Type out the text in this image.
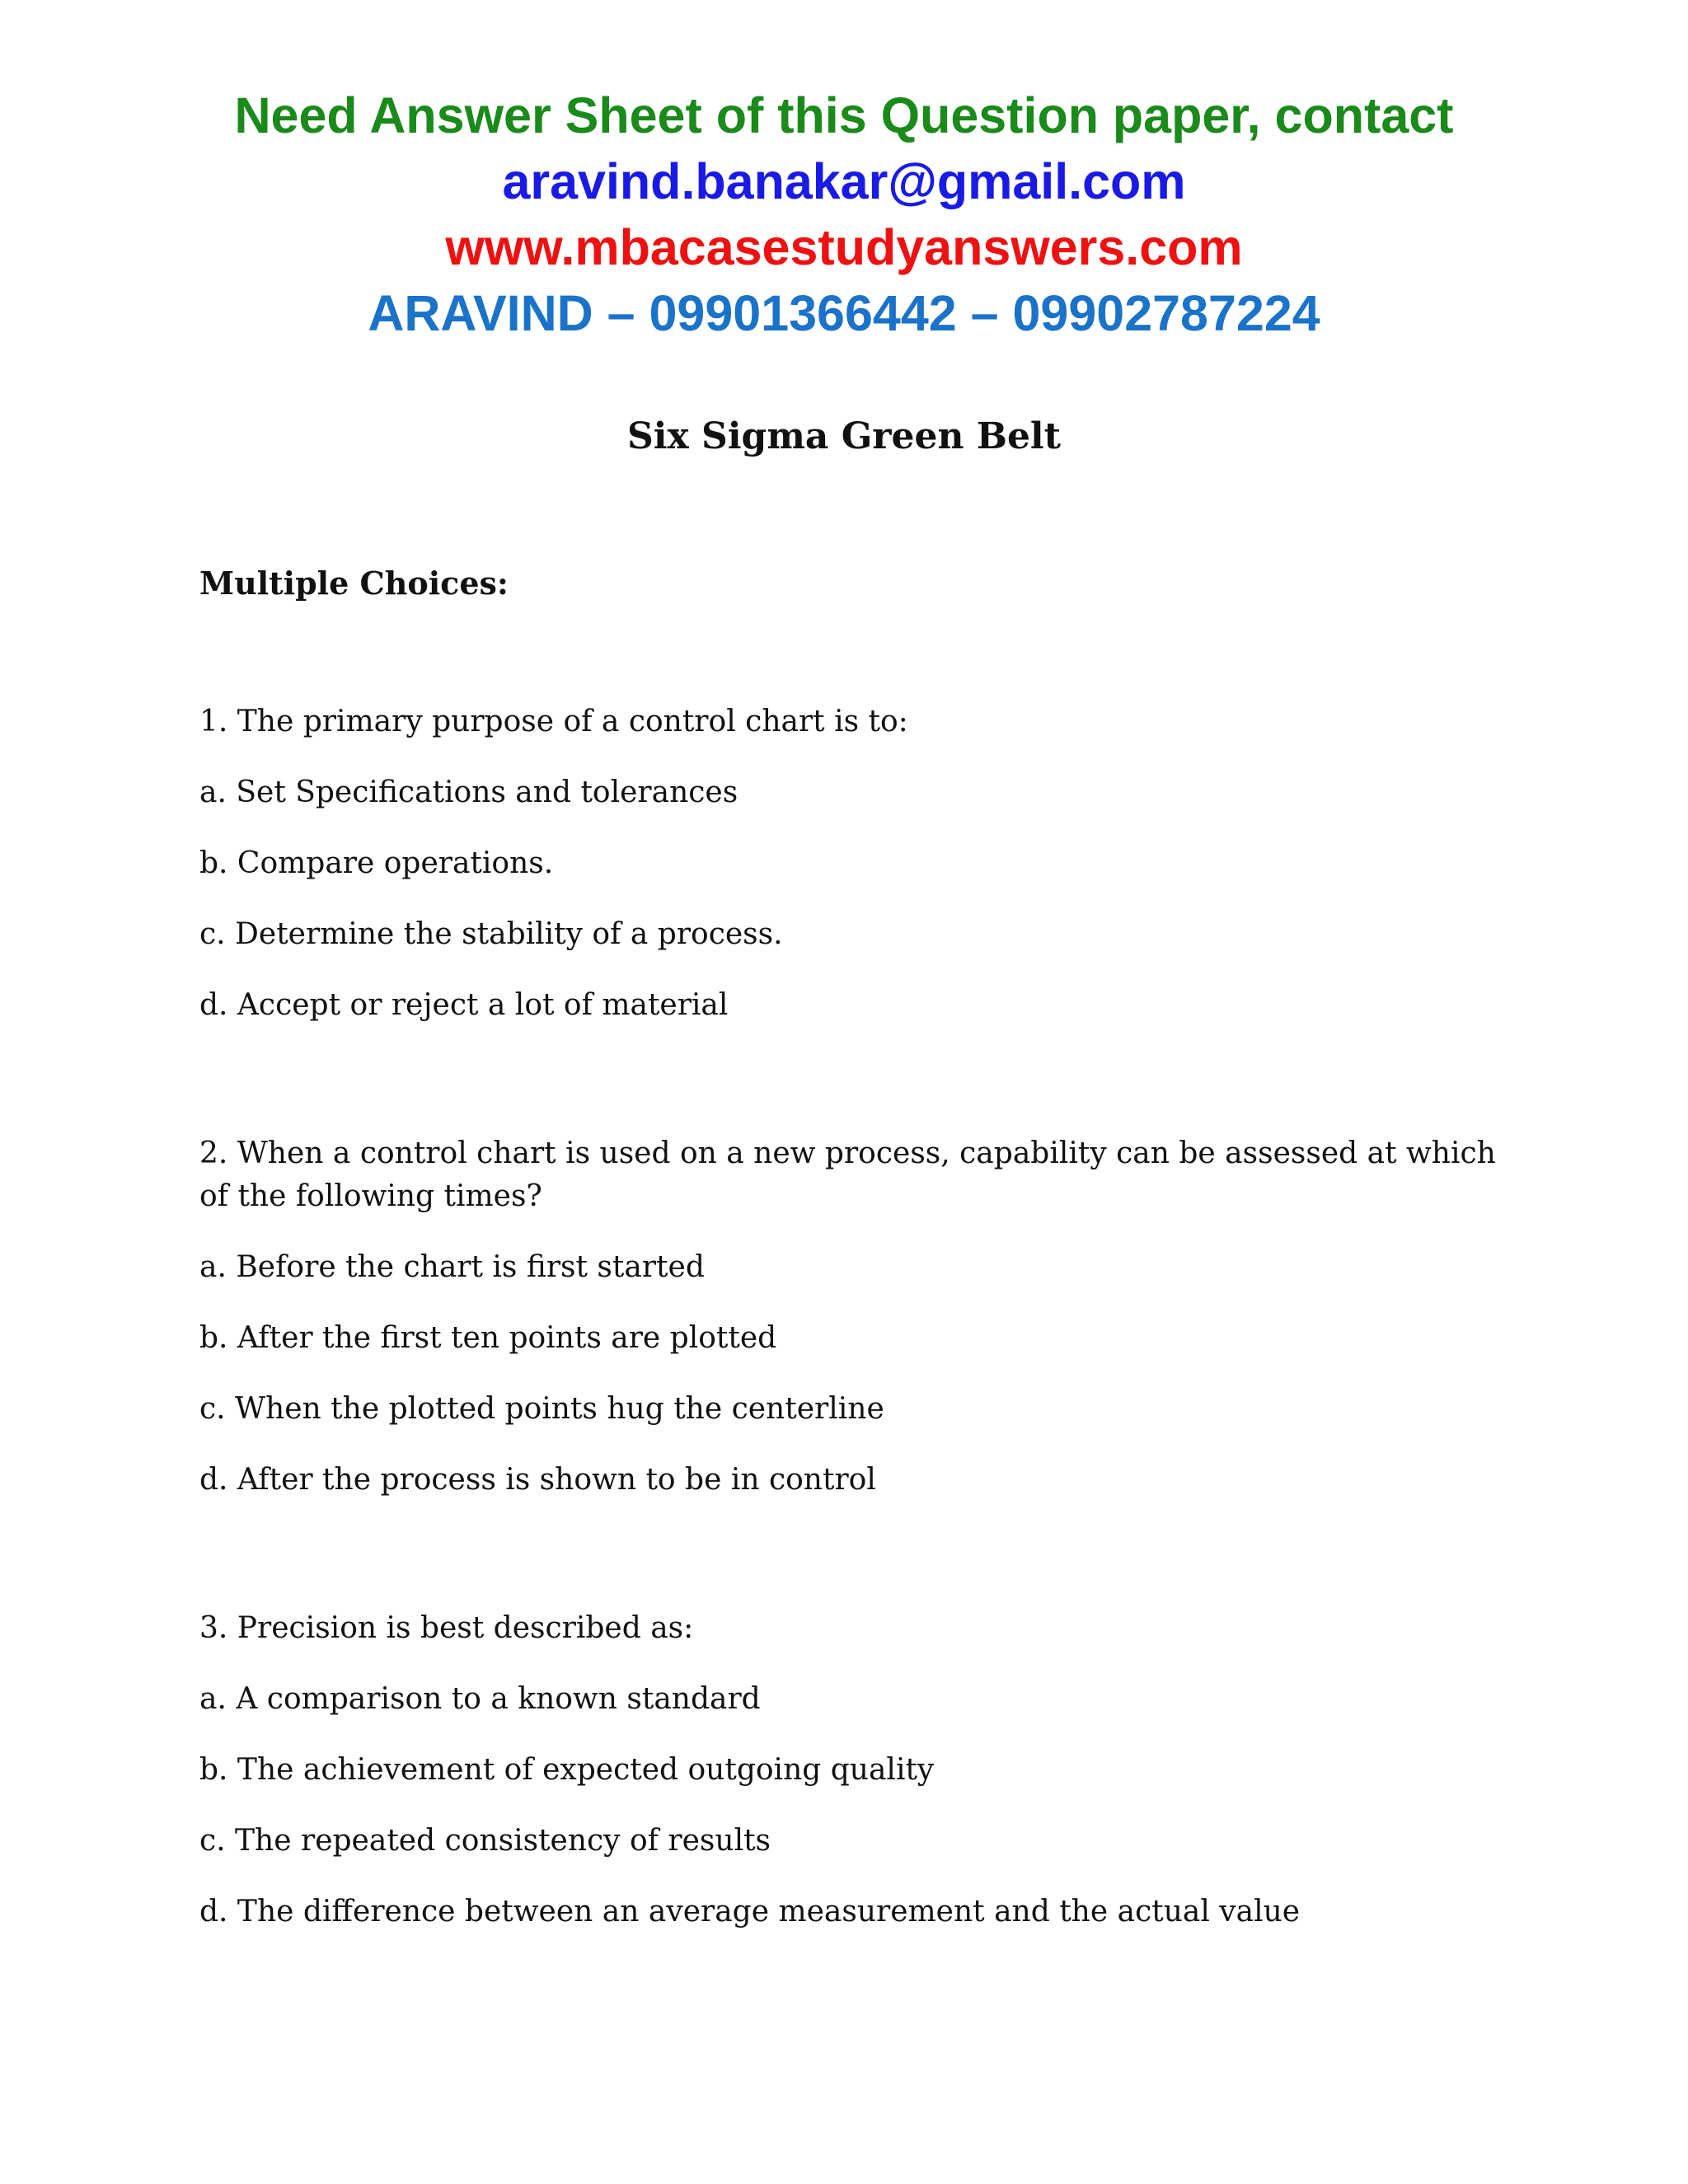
Need Answer Sheet of this Question paper, contact
aravind.banakar@gmail.com
www.mbacasestudyanswers.com
ARAVIND – 09901366442 – 09902787224
Six Sigma Green Belt
Multiple Choices:
1. The primary purpose of a control chart is to:
a. Set Specifications and tolerances
b. Compare operations.
c. Determine the stability of a process.
d. Accept or reject a lot of material
2. When a control chart is used on a new process, capability can be assessed at which of the following times?
a. Before the chart is first started
b. After the first ten points are plotted
c. When the plotted points hug the centerline
d. After the process is shown to be in control
3. Precision is best described as:
a. A comparison to a known standard
b. The achievement of expected outgoing quality
c. The repeated consistency of results
d. The difference between an average measurement and the actual value
